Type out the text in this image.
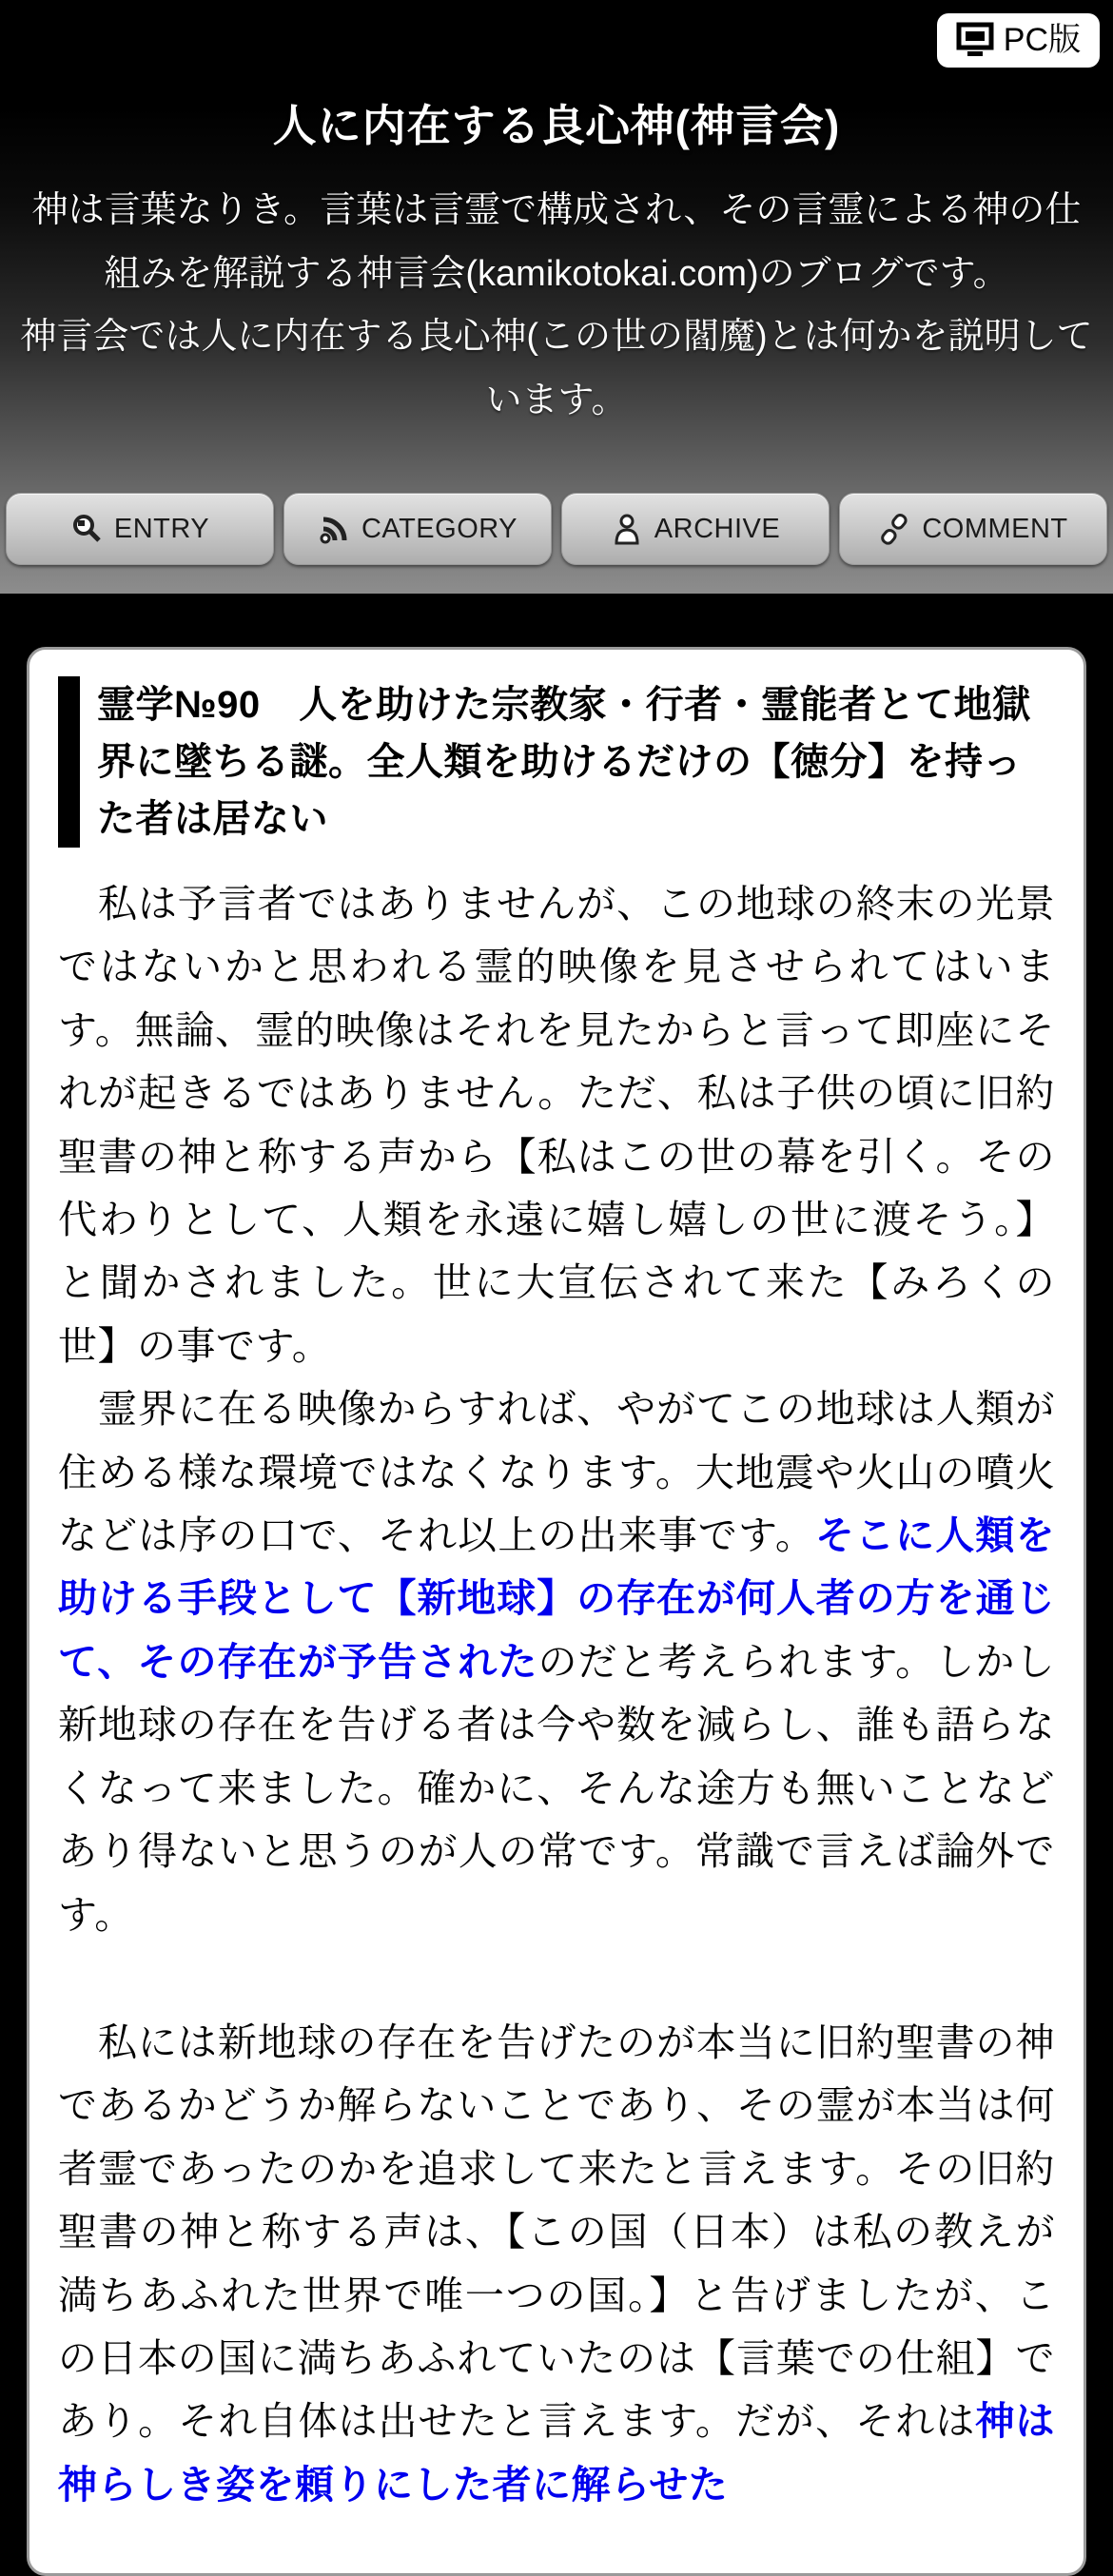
PC版
人に内在する良心神(神言会)

神は言葉なりき。言葉は言霊で構成され、その言霊による神の仕組みを解説する神言会(kamikotokai.com)のブログです。

神言会では人に内在する良心神(この世の閻魔)とは何かを説明しています。

ENTRY	CATEGORY	ARCHIVE	COMMENT
霊学№90　人を助けた宗教家・行者・霊能者とて地獄界に墜ちる謎。全人類を助けるだけの【徳分】を持った者は居ない

　私は予言者ではありませんが、この地球の終末の光景ではないかと思われる霊的映像を見させられてはいます。無論、霊的映像はそれを見たからと言って即座にそれが起きるではありません。ただ、私は子供の頃に旧約聖書の神と称する声から【私はこの世の幕を引く。その代わりとして、人類を永遠に嬉し嬉しの世に渡そう。】と聞かされました。世に大宣伝されて来た【みろくの世】の事です。

　霊界に在る映像からすれば、やがてこの地球は人類が住める様な環境ではなくなります。大地震や火山の噴火などは序の口で、それ以上の出来事です。そこに人類を助ける手段として【新地球】の存在が何人者の方を通じて、その存在が予告されたのだと考えられます。しかし新地球の存在を告げる者は今や数を減らし、誰も語らなくなって来ました。確かに、そんな途方も無いことなどあり得ないと思うのが人の常です。常識で言えば論外です。

　私には新地球の存在を告げたのが本当に旧約聖書の神であるかどうか解らないことであり、その霊が本当は何者霊であったのかを追求して来たと言えます。その旧約聖書の神と称する声は、【この国（日本）は私の教えが満ちあふれた世界で唯一つの国。】と告げましたが、この日本の国に満ちあふれていたのは【言葉での仕組】であり。それ自体は出せたと言えます。だが、それは神は神らしき姿を頼りにした者に解らせた
